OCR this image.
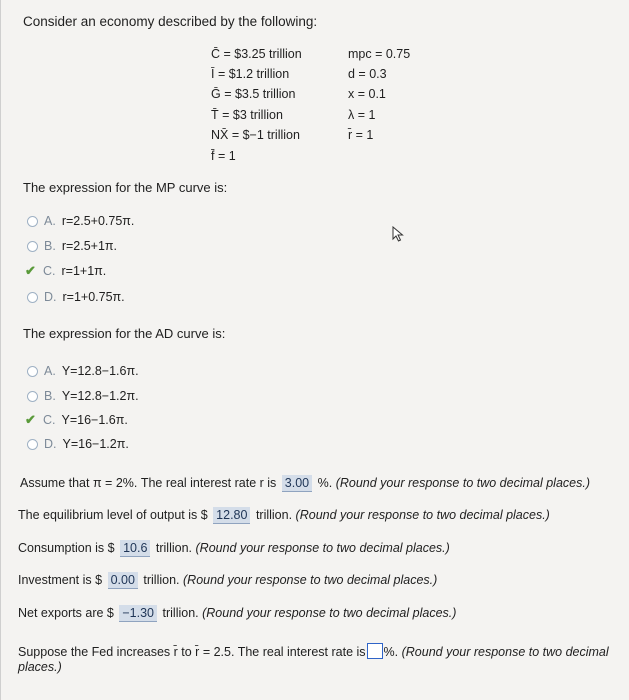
Consider an economy described by the following:
C̄ = $3.25 trillion
Ī = $1.2 trillion
Ḡ = $3.5 trillion
T̄ = $3 trillion
NX̄ = $−1 trillion
f̄ = 1
mpc = 0.75
d = 0.3
x = 0.1
λ = 1
r̄ = 1
The expression for the MP curve is:
A. r=2.5+0.75π.
B. r=2.5+1π.
✔ C. r=1+1π.
D. r=1+0.75π.
The expression for the AD curve is:
A. Y=12.8−1.6π.
B. Y=12.8−1.2π.
✔ C. Y=16−1.6π.
D. Y=16−1.2π.
Assume that π = 2%. The real interest rate r is 3.00 %. (Round your response to two decimal places.)
The equilibrium level of output is $ 12.80 trillion. (Round your response to two decimal places.)
Consumption is $ 10.6 trillion. (Round your response to two decimal places.)
Investment is $ 0.00 trillion. (Round your response to two decimal places.)
Net exports are $ −1.30 trillion. (Round your response to two decimal places.)
Suppose the Fed increases r̄ to r̄ = 2.5. The real interest rate is %. (Round your response to two decimal
places.)
